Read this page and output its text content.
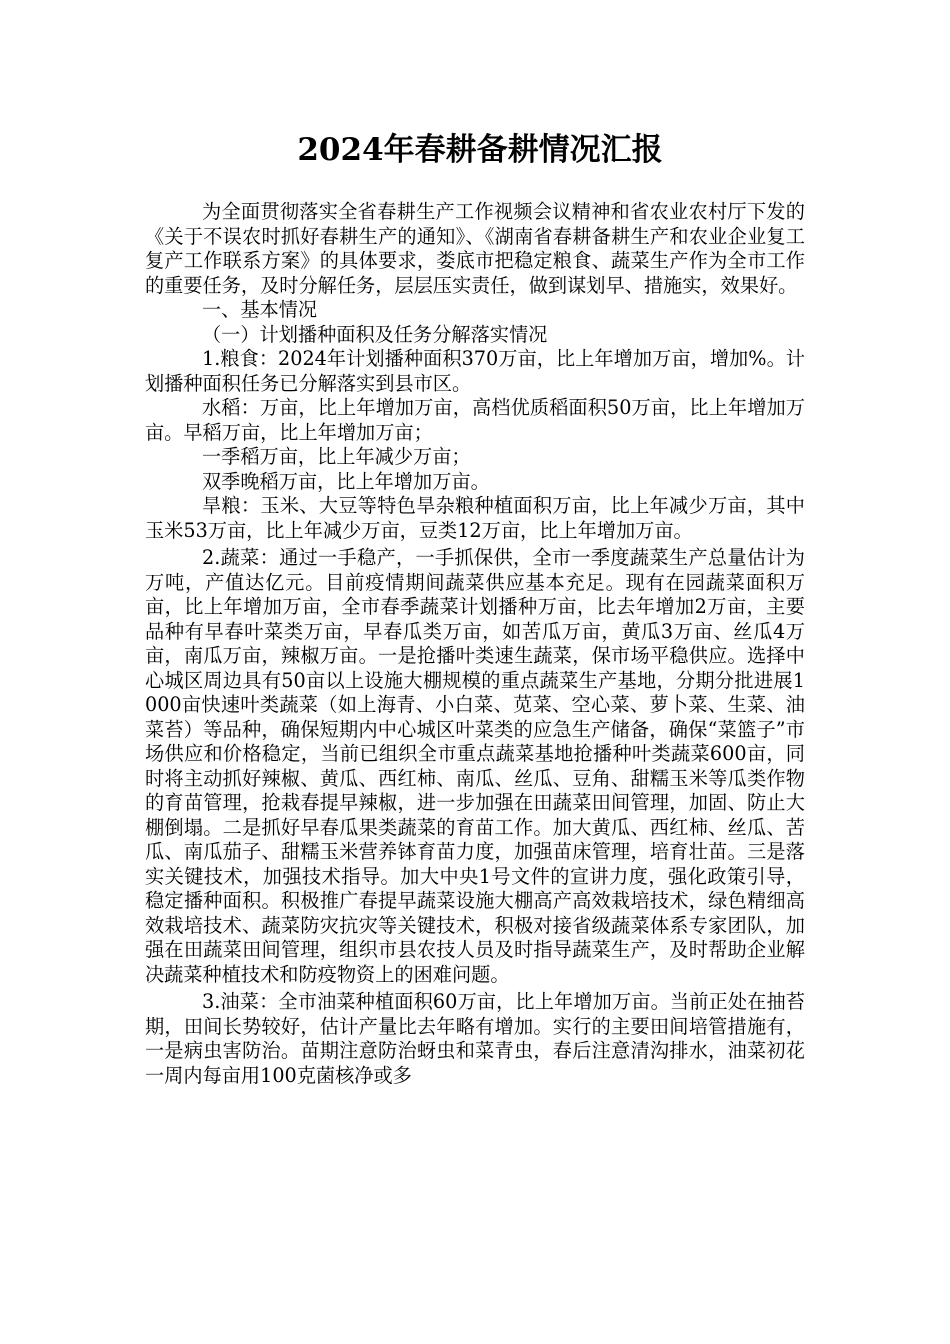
2024年春耕备耕情况汇报

为全面贯彻落实全省春耕生产工作视频会议精神和省农业农村厅下发的《关于不误农时抓好春耕生产的通知》、《湖南省春耕备耕生产和农业企业复工复产工作联系方案》的具体要求，娄底市把稳定粮食、蔬菜生产作为全市工作的重要任务，及时分解任务，层层压实责任，做到谋划早、措施实，效果好。

一、基本情况

（一）计划播种面积及任务分解落实情况

1.粮食：2024年计划播种面积370万亩，比上年增加万亩，增加%。计划播种面积任务已分解落实到县市区。

水稻：万亩，比上年增加万亩，高档优质稻面积50万亩，比上年增加万亩。早稻万亩，比上年增加万亩；

一季稻万亩，比上年减少万亩；

双季晚稻万亩，比上年增加万亩。

旱粮：玉米、大豆等特色旱杂粮种植面积万亩，比上年减少万亩，其中玉米53万亩，比上年减少万亩，豆类12万亩，比上年增加万亩。

2.蔬菜：通过一手稳产，一手抓保供，全市一季度蔬菜生产总量估计为万吨，产值达亿元。目前疫情期间蔬菜供应基本充足。现有在园蔬菜面积万亩，比上年增加万亩，全市春季蔬菜计划播种万亩，比去年增加2万亩，主要品种有早春叶菜类万亩，早春瓜类万亩，如苦瓜万亩，黄瓜3万亩、丝瓜4万亩，南瓜万亩，辣椒万亩。一是抢播叶类速生蔬菜，保市场平稳供应。选择中心城区周边具有50亩以上设施大棚规模的重点蔬菜生产基地，分期分批进展1000亩快速叶类蔬菜（如上海青、小白菜、苋菜、空心菜、萝卜菜、生菜、油菜苔）等品种，确保短期内中心城区叶菜类的应急生产储备，确保“菜篮子”市场供应和价格稳定，当前已组织全市重点蔬菜基地抢播种叶类蔬菜600亩，同时将主动抓好辣椒、黄瓜、西红柿、南瓜、丝瓜、豆角、甜糯玉米等瓜类作物的育苗管理，抢栽春提早辣椒，进一步加强在田蔬菜田间管理，加固、防止大棚倒塌。二是抓好早春瓜果类蔬菜的育苗工作。加大黄瓜、西红柿、丝瓜、苦瓜、南瓜茄子、甜糯玉米营养钵育苗力度，加强苗床管理，培育壮苗。三是落实关键技术，加强技术指导。加大中央1号文件的宣讲力度，强化政策引导，稳定播种面积。积极推广春提早蔬菜设施大棚高产高效栽培技术，绿色精细高效栽培技术、蔬菜防灾抗灾等关键技术，积极对接省级蔬菜体系专家团队，加强在田蔬菜田间管理，组织市县农技人员及时指导蔬菜生产，及时帮助企业解决蔬菜种植技术和防疫物资上的困难问题。

3.油菜：全市油菜种植面积60万亩，比上年增加万亩。当前正处在抽苔期，田间长势较好，估计产量比去年略有增加。实行的主要田间培管措施有，一是病虫害防治。苗期注意防治蚜虫和菜青虫，春后注意清沟排水，油菜初花一周内每亩用100克菌核净或多
